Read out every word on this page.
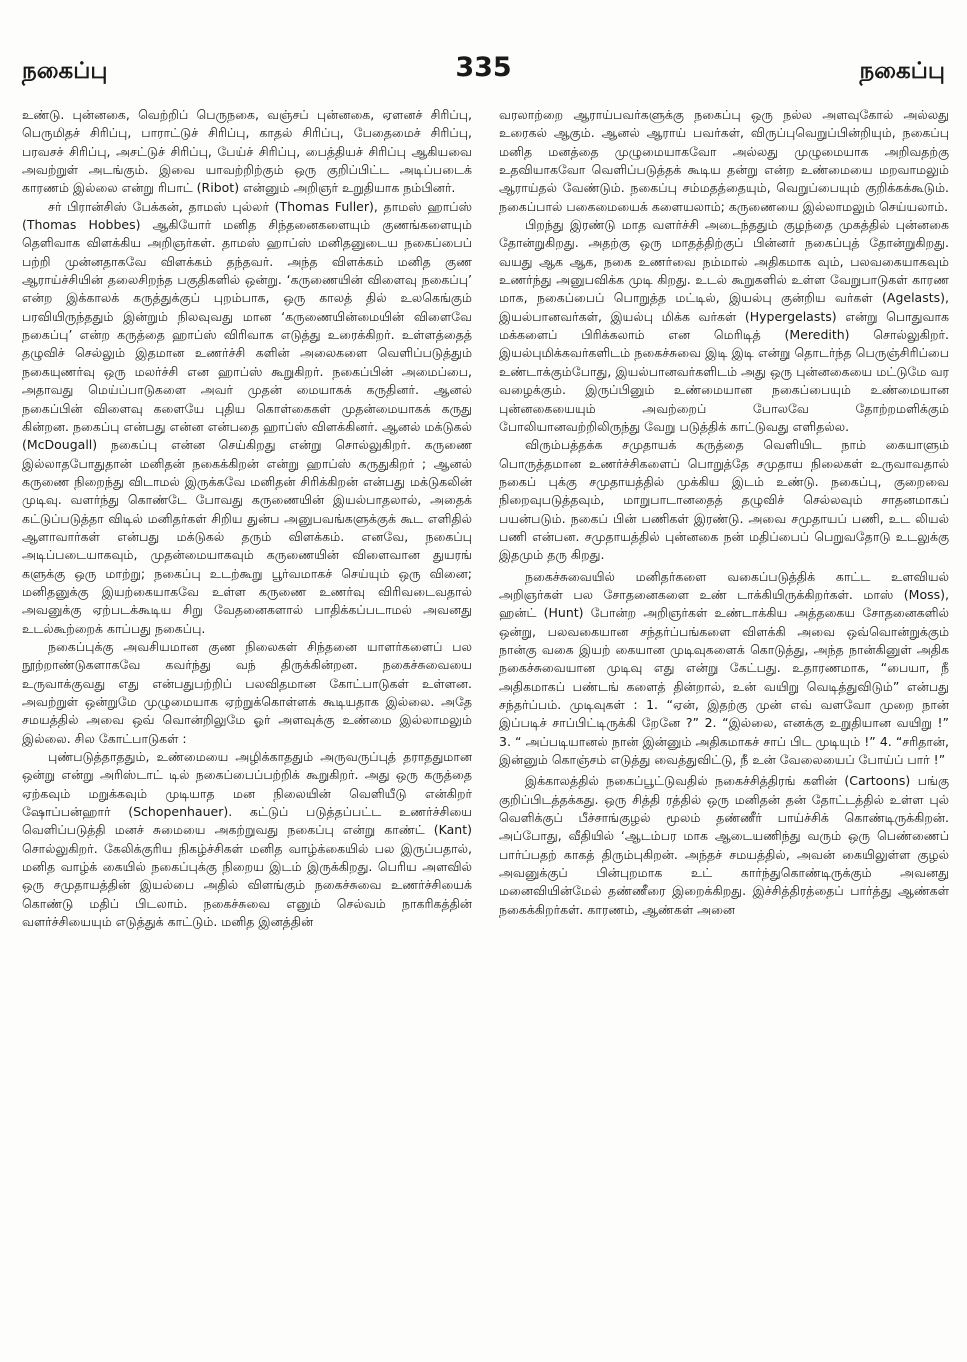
நகைப்பு	335	நகைப்பு

உண்டு. புன்னகை, வெற்றிப் பெருநகை, வஞ்சப் புன்னகை, ஏளனச் சிரிப்பு, பெருமிதச் சிரிப்பு, பாராட்டுச் சிரிப்பு, காதல் சிரிப்பு, பேதைமைச் சிரிப்பு, பரவசச் சிரிப்பு, அசட்டுச் சிரிப்பு, பேய்ச் சிரிப்பு, பைத்தியச் சிரிப்பு ஆகியவை அவற்றுள் அடங்கும். இவை யாவற்றிற்கும் ஒரு குறிப்பிட்ட அடிப்படைக் காரணம் இல்லை என்று ரிபாட் (Ribot) என்னும் அறிஞர் உறுதியாக நம்பினர்.

சர் பிரான்சிஸ் பேக்கன், தாமஸ் புல்லர் (Thomas Fuller), தாமஸ் ஹாப்ஸ் (Thomas Hobbes) ஆகியோர் மனித சிந்தனைகளையும் குணங்களையும் தெளிவாக விளக்கிய அறிஞர்கள். தாமஸ் ஹாப்ஸ் மனிதனுடைய நகைப்பைப் பற்றி முன்னதாகவே விளக்கம் தந்தவர். அந்த விளக்கம் மனித குண ஆராய்ச்சியின் தலைசிறந்த பகுதிகளில் ஒன்று. ‘கருணையின் விளைவு நகைப்பு’ என்ற இக்காலக் கருத்துக்குப் புறம்பாக, ஒரு காலத் தில் உலகெங்கும் பரவியிருந்ததும் இன்றும் நிலவுவது மான ‘கருணையின்மையின் விளைவே நகைப்பு’ என்ற கருத்தை ஹாப்ஸ் விரிவாக எடுத்து உரைக்கிறர். உள்ளத்தைத் தழுவிச் செல்லும் இதமான உணர்ச்சி களின் அலைகளை வெளிப்படுத்தும் நகையுணர்வு ஒரு மலர்ச்சி என ஹாப்ஸ் கூறுகிறர். நகைப்பின் அமைப்பை, அதாவது மெய்ப்பாடுகளை அவர் முதன் மையாகக் கருதினர். ஆனல் நகைப்பின் விளைவு களையே புதிய கொள்கைகள் முதன்மையாகக் கருது கின்றன. நகைப்பு என்பது என்ன என்பதை ஹாப்ஸ் விளக்கினர். ஆனல் மக்டுகல் (McDougall) நகைப்பு என்ன செய்கிறது என்று சொல்லுகிறர். கருணை இல்லாதபோதுதான் மனிதன் நகைக்கிறன் என்று ஹாப்ஸ் கருதுகிறர் ; ஆனல் கருணை நிறைந்து விடாமல் இருக்கவே மனிதன் சிரிக்கிறன் என்பது மக்டுகலின் முடிவு. வளர்ந்து கொண்டே போவது கருணையின் இயல்பாதலால், அதைக் கட்டுப்படுத்தா விடில் மனிதர்கள் சிறிய துன்ப அனுபவங்களுக்குக் கூட எளிதில் ஆளாவார்கள் என்பது மக்டுகல் தரும் விளக்கம். எனவே, நகைப்பு அடிப்படையாகவும், முதன்மையாகவும் கருணையின் விளைவான துயரங் களுக்கு ஒரு மாற்று; நகைப்பு உடற்கூறு பூர்வமாகச் செய்யும் ஒரு வினை; மனிதனுக்கு இயற்கையாகவே உள்ள கருணை உணர்வு விரிவடைவதால் அவனுக்கு ஏற்படக்கூடிய சிறு வேதனைகளால் பாதிக்கப்படாமல் அவனது உடல்கூற்றைக் காப்பது நகைப்பு.

நகைப்புக்கு அவசியமான குண நிலைகள் சிந்தனை யாளர்களைப் பல நூற்றாண்டுகளாகவே கவர்ந்து வந் திருக்கின்றன. நகைச்சுவையை உருவாக்குவது எது என்பதுபற்றிப் பலவிதமான கோட்பாடுகள் உள்ளன. அவற்றுள் ஒன்றுமே முழுமையாக ஏற்றுக்கொள்ளக் கூடியதாக இல்லை. அதே சமயத்தில் அவை ஒவ் வொன்றிலுமே ஓர் அளவுக்கு உண்மை இல்லாமலும் இல்லை. சில கோட்பாடுகள் :

புண்படுத்தாததும், உண்மையை அழிக்காததும் அருவருப்புத் தராததுமான ஒன்று என்று அரிஸ்டாட் டில் நகைப்பைப்பற்றிக் கூறுகிறர். அது ஒரு கருத்தை ஏற்கவும் மறுக்கவும் முடியாத மன நிலையின் வெளியீடு என்கிறர் ஷோப்பன்ஹார் (Schopenhauer). கட்டுப் படுத்தப்பட்ட உணர்ச்சியை வெளிப்படுத்தி மனச் சுமையை அகற்றுவது நகைப்பு என்று காண்ட் (Kant) சொல்லுகிறர். கேலிக்குரிய நிகழ்ச்சிகள் மனித வாழ்க்கையில் பல இருப்பதால், மனித வாழ்க் கையில் நகைப்புக்கு நிறைய இடம் இருக்கிறது. பெரிய அளவில் ஒரு சமுதாயத்தின் இயல்பை அதில் விளங்கும் நகைச்சுவை உணர்ச்சியைக் கொண்டு மதிப் பிடலாம். நகைச்சுவை எனும் செல்வம் நாகரிகத்தின் வளர்ச்சியையும் எடுத்துக் காட்டும். மனித இனத்தின்

வரலாற்றை ஆராய்பவர்களுக்கு நகைப்பு ஒரு நல்ல அளவுகோல் அல்லது உரைகல் ஆகும். ஆனல் ஆராய் பவர்கள், விருப்புவெறுப்பின்றியும், நகைப்பு மனித மனத்தை முழுமையாகவோ அல்லது முழுமையாக அறிவதற்கு உதவியாகவோ வெளிப்படுத்தக் கூடிய தன்று என்ற உண்மையை மறவாமலும் ஆராய்தல் வேண்டும். நகைப்பு சம்மதத்தையும், வெறுப்பையும் குறிக்கக்கூடும். நகைப்பால் பகைமையைக் களையலாம்; கருணையை இல்லாமலும் செய்யலாம்.

பிறந்து இரண்டு மாத வளர்ச்சி அடைந்ததும் குழந்தை முகத்தில் புன்னகை தோன்றுகிறது. அதற்கு ஒரு மாதத்திற்குப் பின்னர் நகைப்புத் தோன்றுகிறது. வயது ஆக ஆக, நகை உணர்வை நம்மால் அதிகமாக வும், பலவகையாகவும் உணர்ந்து அனுபவிக்க முடி கிறது. உடல் கூறுகளில் உள்ள வேறுபாடுகள் காரண மாக, நகைப்பைப் பொறுத்த மட்டில், இயல்பு குன்றிய வர்கள் (Agelasts), இயல்பானவர்கள், இயல்பு மிக்க வர்கள் (Hypergelasts) என்று பொதுவாக மக்களைப் பிரிக்கலாம் என மெரிடித் (Meredith) சொல்லுகிறர். இயல்புமிக்கவர்களிடம் நகைச்சுவை இடி இடி என்று தொடர்ந்த பெருஞ்சிரிப்பை உண்டாக்கும்போது, இயல்பானவர்களிடம் அது ஒரு புன்னகையை மட்டுமே வர வழைக்கும். இருப்பினும் உண்மையான நகைப்பையும் உண்மையான புன்னகையையும் அவற்றைப் போலவே தோற்றமளிக்கும் போலியானவற்றிலிருந்து வேறு படுத்திக் காட்டுவது எளிதல்ல.

விரும்பத்தக்க சமுதாயக் கருத்தை வெளியிட நாம் கையாளும் பொருத்தமான உணர்ச்சிகளைப் பொறுத்தே சமுதாய நிலைகள் உருவாவதால் நகைப் புக்கு சமுதாயத்தில் முக்கிய இடம் உண்டு. நகைப்பு, குறைவை நிறைவுபடுத்தவும், மாறுபாடானதைத் தழுவிச் செல்லவும் சாதனமாகப் பயன்படும். நகைப் பின் பணிகள் இரண்டு. அவை சமுதாயப் பணி, உட லியல் பணி என்பன. சமுதாயத்தில் புன்னகை நன் மதிப்பைப் பெறுவதோடு உடலுக்கு இதமும் தரு கிறது.

நகைச்சுவையில் மனிதர்களை வகைப்படுத்திக் காட்ட உளவியல் அறிஞர்கள் பல சோதனைகளை உண் டாக்கியிருக்கிறர்கள். மாஸ் (Moss), ஹன்ட் (Hunt) போன்ற அறிஞர்கள் உண்டாக்கிய அத்தகைய சோதனைகளில் ஒன்று, பலவகையான சந்தர்ப்பங்களை விளக்கி அவை ஒவ்வொன்றுக்கும் நான்கு வகை இயற் கையான முடிவுகளைக் கொடுத்து, அந்த நான்கினுள் அதிக நகைச்சுவையான முடிவு எது என்று கேட்பது. உதாரணமாக, “பையா, நீ அதிகமாகப் பண்டங் களைத் தின்றால், உன் வயிறு வெடித்துவிடும்” என்பது சந்தர்ப்பம். முடிவுகள் : 1. “ஏன், இதற்கு முன் எவ் வளவோ முறை நான் இப்படிச் சாப்பிட்டிருக்கி றேனே ?” 2. “இல்லை, எனக்கு உறுதியான வயிறு !” 3. “ அப்படியானல் நான் இன்னும் அதிகமாகச் சாப் பிட முடியும் !” 4. “சரிதான், இன்னும் கொஞ்சம் எடுத்து வைத்துவிட்டு, நீ உன் வேலையைப் போய்ப் பார் !”

இக்காலத்தில் நகைப்பூட்டுவதில் நகைச்சித்திரங் களின் (Cartoons) பங்கு குறிப்பிடத்தக்கது. ஒரு சித்தி ரத்தில் ஒரு மனிதன் தன் தோட்டத்தில் உள்ள புல் வெளிக்குப் பீச்சாங்குழல் மூலம் தண்ணீர் பாய்ச்சிக் கொண்டிருக்கிறன். அப்போது, வீதியில் ‘ஆடம்பர மாக ஆடையணிந்து வரும் ஒரு பெண்ணைப் பார்ப்பதற் காகத் திரும்புகிறன். அந்தச் சமயத்தில், அவன் கையிலுள்ள குழல் அவனுக்குப் பின்புறமாக உட் கார்ந்துகொண்டிருக்கும் அவனது மனைவியின்மேல் தண்ணீரை இறைக்கிறது. இச்சித்திரத்தைப் பார்த்து ஆண்கள் நகைக்கிறர்கள். காரணம், ஆண்கள் அனை
